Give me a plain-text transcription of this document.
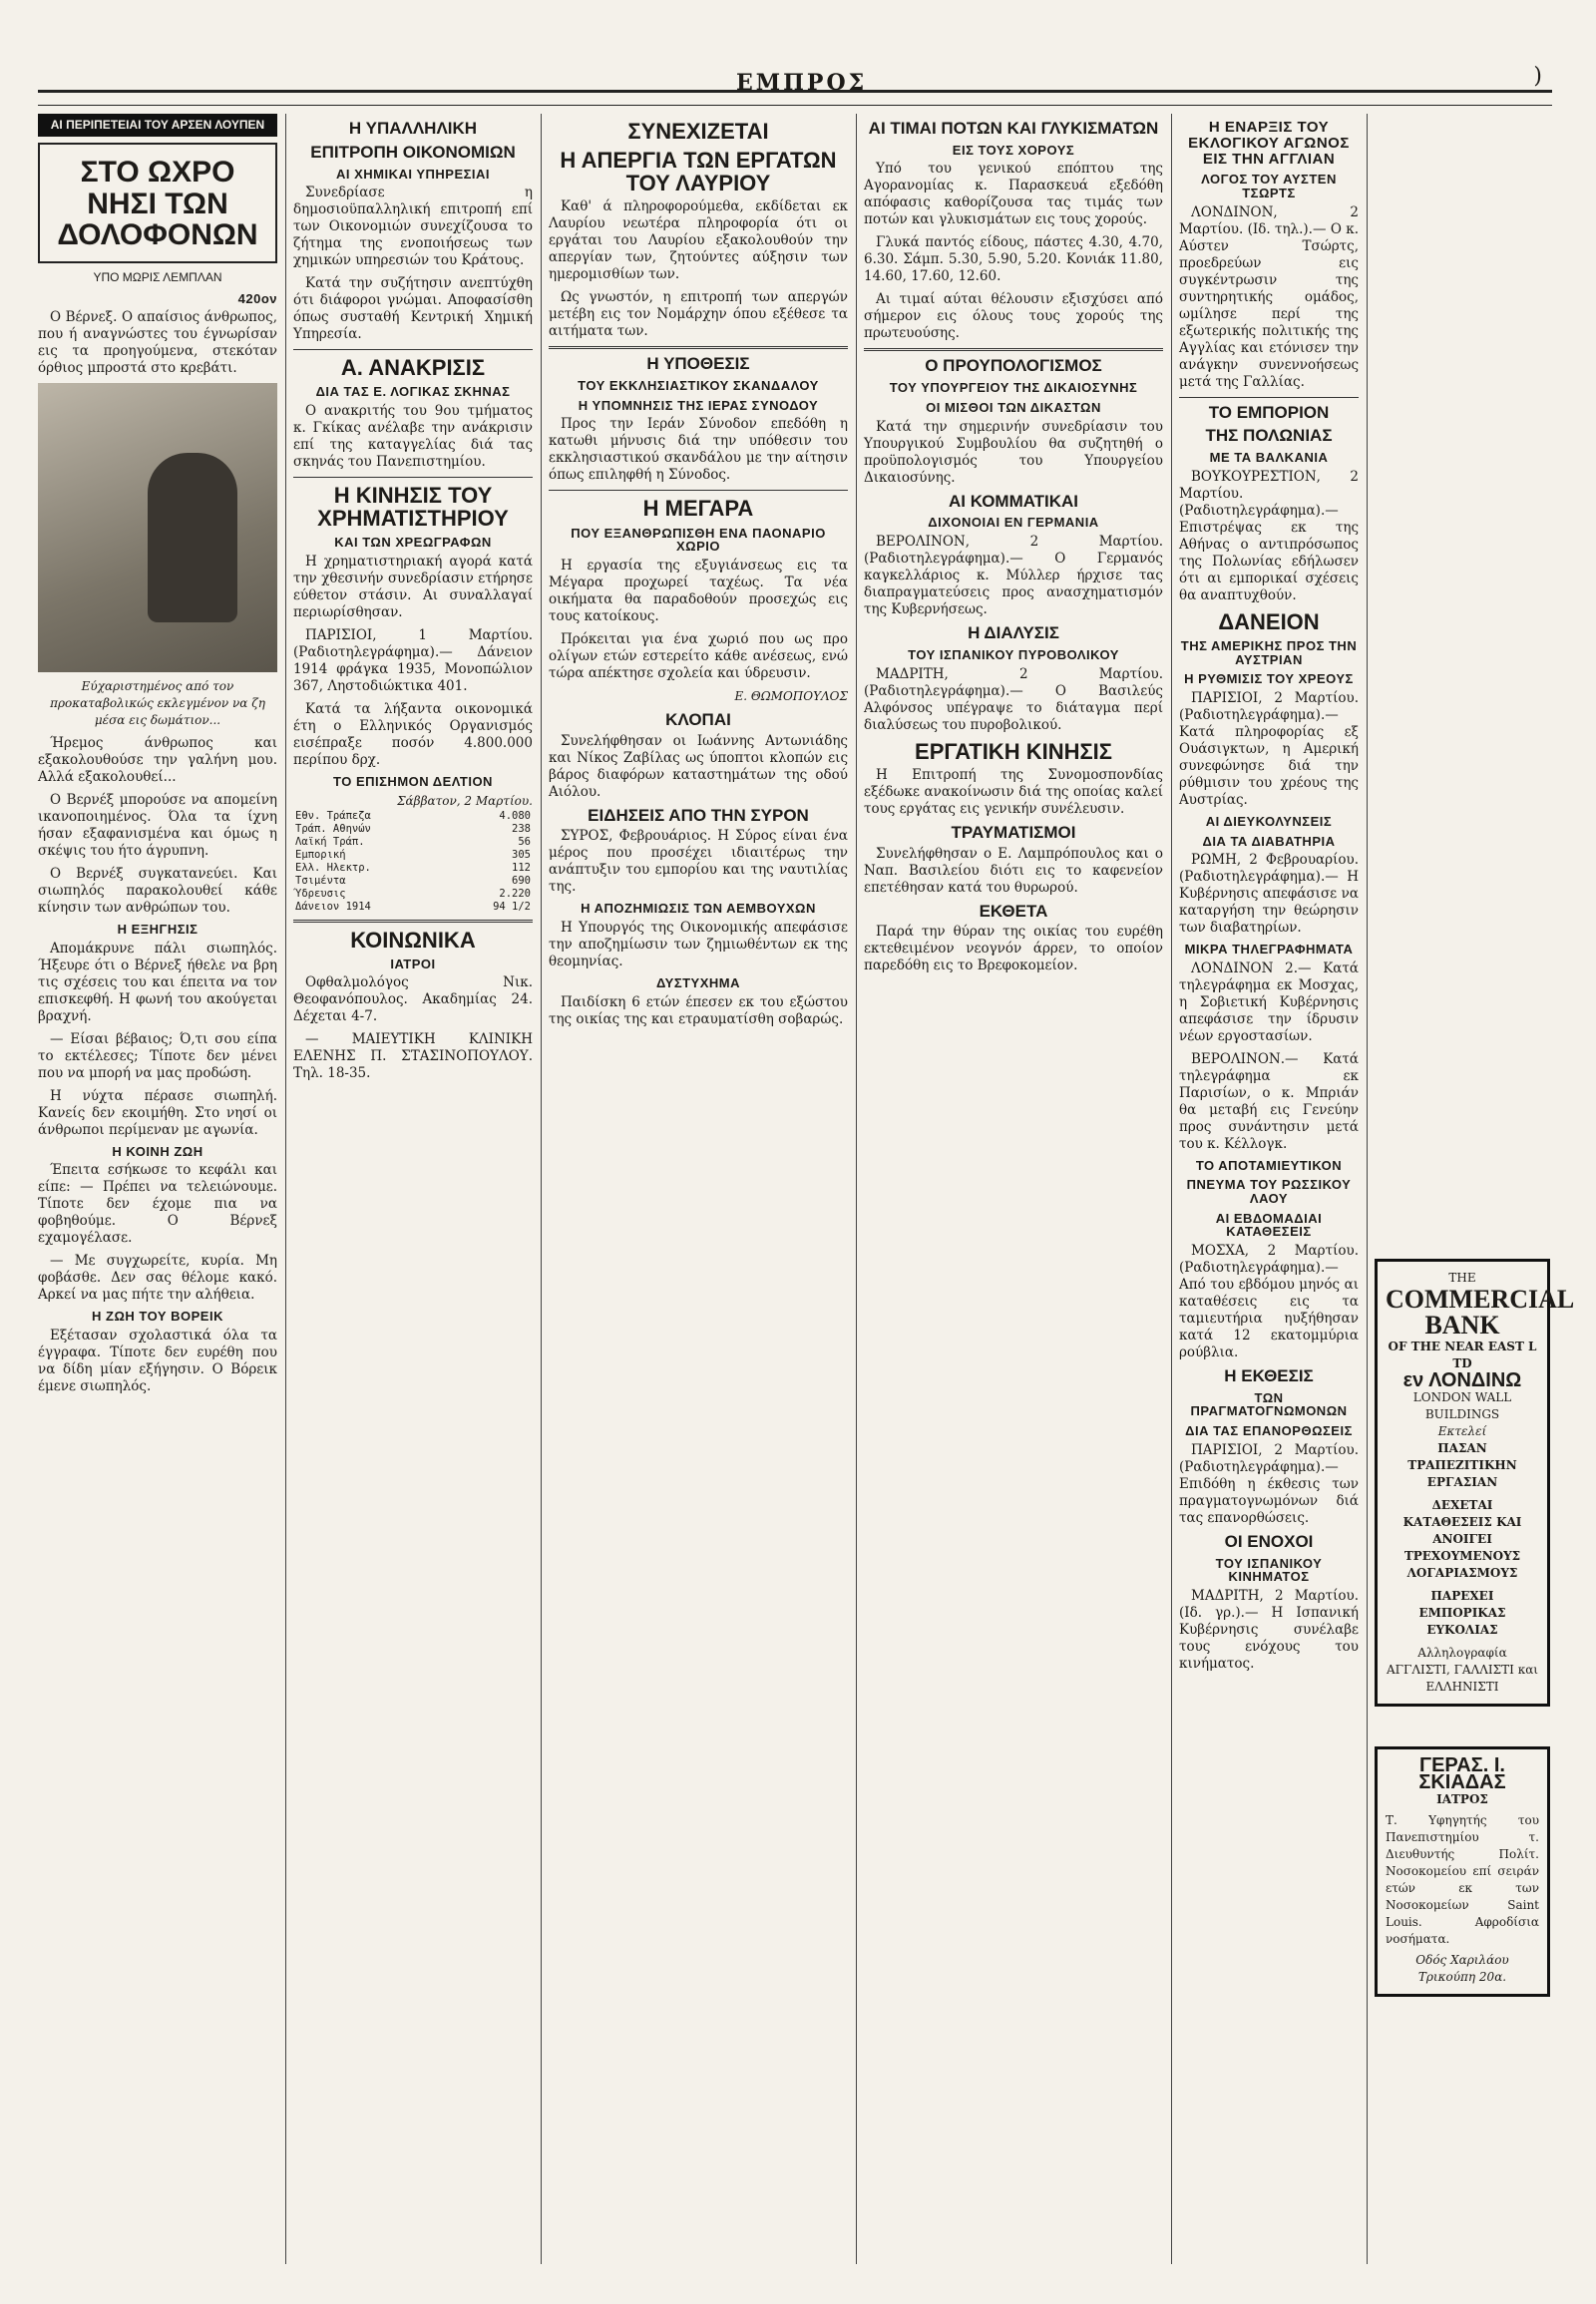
ΕΜΠΡΟΣ	)
ΑΙ ΠΕΡΙΠΕΤΕΙΑΙ ΤΟΥ ΑΡΣΕΝ ΛΟΥΠΕΝ
ΣΤΟ ΩΧΡΟ ΝΗΣΙ ΤΩΝ ΔΟΛΟΦΟΝΩΝ
ΥΠΟ ΜΩΡΙΣ ΛΕΜΠΛΑΝ
420ον

Ο Βέρνεξ. Ο απαίσιος άνθρωπος, που ή αναγνώστες του έγνωρίσαν εις τα προηγούμενα, στεκόταν όρθιος μπροστά στο κρεβάτι.

Εύχαριστημένος από τον προκαταβολικώς εκλεγμένον να ζη μέσα εις δωμάτιον...

Ήρεμος άνθρωπος και εξακολουθούσε την γαλήνη μου. Αλλά εξακολουθεί...

Ο Βερνέξ μπορούσε να απομείνη ικανοποιημένος. Όλα τα ίχνη ήσαν εξαφανισμένα και όμως η σκέψις του ήτο άγρυπνη.

Ο Βερνέξ συγκατανεύει. Και σιωπηλός παρακολουθεί κάθε κίνησιν των ανθρώπων του.

Η ΕΞΗΓΗΣΙΣ

Απομάκρυνε πάλι σιωπηλός. Ήξευρε ότι ο Βέρνεξ ήθελε να βρη τις σχέσεις του και έπειτα να τον επισκεφθή. Η φωνή του ακούγεται βραχνή.

— Είσαι βέβαιος; Ό,τι σου είπα το εκτέλεσες; Τίποτε δεν μένει που να μπορή να μας προδώση.

Η νύχτα πέρασε σιωπηλή. Κανείς δεν εκοιμήθη. Στο νησί οι άνθρωποι περίμεναν με αγωνία.

Η ΚΟΙΝΗ ΖΩΗ

Έπειτα εσήκωσε το κεφάλι και είπε: — Πρέπει να τελειώνουμε. Τίποτε δεν έχομε πια να φοβηθούμε. Ο Βέρνεξ εχαμογέλασε.

— Με συγχωρείτε, κυρία. Μη φοβάσθε. Δεν σας θέλομε κακό. Αρκεί να μας πήτε την αλήθεια.

Η ΖΩΗ ΤΟΥ ΒΟΡΕΙΚ

Εξέτασαν σχολαστικά όλα τα έγγραφα. Τίποτε δεν ευρέθη που να δίδη μίαν εξήγησιν. Ο Βόρεικ έμενε σιωπηλός.

Η ΥΠΑΛΛΗΛΙΚΗ
ΕΠΙΤΡΟΠΗ ΟΙΚΟΝΟΜΙΩΝ
ΑΙ ΧΗΜΙΚΑΙ ΥΠΗΡΕΣΙΑΙ

Συνεδρίασε η δημοσιοϋπαλληλική επιτροπή επί των Οικονομιών συνεχίζουσα το ζήτημα της ενοποιήσεως των χημικών υπηρεσιών του Κράτους.

Κατά την συζήτησιν ανεπτύχθη ότι διάφοροι γνώμαι. Αποφασίσθη όπως συσταθή Κεντρική Χημική Υπηρεσία.

Α. ΑΝΑΚΡΙΣΙΣ
ΔΙΑ ΤΑΣ Ε. ΛΟΓΙΚΑΣ ΣΚΗΝΑΣ

Ο ανακριτής του 9ου τμήματος κ. Γκίκας ανέλαβε την ανάκρισιν επί της καταγγελίας διά τας σκηνάς του Πανεπιστημίου.

Η ΚΙΝΗΣΙΣ ΤΟΥ ΧΡΗΜΑΤΙΣΤΗΡΙΟΥ
ΚΑΙ ΤΩΝ ΧΡΕΩΓΡΑΦΩΝ

Η χρηματιστηριακή αγορά κατά την χθεσινήν συνεδρίασιν ετήρησε εύθετον στάσιν. Αι συναλλαγαί περιωρίσθησαν.

ΠΑΡΙΣΙΟΙ, 1 Μαρτίου. (Ραδιοτηλεγράφημα).— Δάνειον 1914 φράγκα 1935, Μονοπώλιον 367, Ληστοδιώκτικα 401.

Κατά τα λήξαντα οικονομικά έτη ο Ελληνικός Οργανισμός εισέπραξε ποσόν 4.800.000 περίπου δρχ.

ΤΟ ΕΠΙΣΗΜΟΝ ΔΕΛΤΙΟΝ
Σάββατον, 2 Μαρτίου.
Εθν. Τράπεζα	4.080
Τράπ. Αθηνών	238
Λαϊκή Τράπ.	56
Εμπορική	305
Ελλ. Ηλεκτρ.	112
Τσιμέντα	690
Ύδρευσις	2.220
Δάνειον 1914	94 1/2
ΚΟΙΝΩΝΙΚΑ
ΙΑΤΡΟΙ

Οφθαλμολόγος Νικ. Θεοφανόπουλος. Ακαδημίας 24. Δέχεται 4-7.

— ΜΑΙΕΥΤΙΚΗ ΚΛΙΝΙΚΗ ΕΛΕΝΗΣ Π. ΣΤΑΣΙΝΟΠΟΥΛΟΥ. Τηλ. 18-35.

ΣΥΝΕΧΙΖΕΤΑΙ
Η ΑΠΕΡΓΙΑ ΤΩΝ ΕΡΓΑΤΩΝ ΤΟΥ ΛΑΥΡΙΟΥ

Καθ' ά πληροφορούμεθα, εκδίδεται εκ Λαυρίου νεωτέρα πληροφορία ότι οι εργάται του Λαυρίου εξακολουθούν την απεργίαν των, ζητούντες αύξησιν των ημερομισθίων των.

Ως γνωστόν, η επιτροπή των απεργών μετέβη εις τον Νομάρχην όπου εξέθεσε τα αιτήματα των.

Η ΥΠΟΘΕΣΙΣ
ΤΟΥ ΕΚΚΛΗΣΙΑΣΤΙΚΟΥ ΣΚΑΝΔΑΛΟΥ
Η ΥΠΟΜΝΗΣΙΣ ΤΗΣ ΙΕΡΑΣ ΣΥΝΟΔΟΥ

Προς την Ιεράν Σύνοδον επεδόθη η κατωθι μήνυσις διά την υπόθεσιν του εκκλησιαστικού σκανδάλου με την αίτησιν όπως επιληφθή η Σύνοδος.

Η ΜΕΓΑΡΑ
ΠΟΥ ΕΞΑΝΘΡΩΠΙΣΘΗ ΕΝΑ ΠΑΟΝΑΡΙΟ ΧΩΡΙΟ

Η εργασία της εξυγιάνσεως εις τα Μέγαρα προχωρεί ταχέως. Τα νέα οικήματα θα παραδοθούν προσεχώς εις τους κατοίκους.

Πρόκειται για ένα χωριό που ως προ ολίγων ετών εστερείτο κάθε ανέσεως, ενώ τώρα απέκτησε σχολεία και ύδρευσιν.

Ε. ΘΩΜΟΠΟΥΛΟΣ
ΚΛΟΠΑΙ

Συνελήφθησαν οι Ιωάννης Αντωνιάδης και Νίκος Ζαβίλας ως ύποπτοι κλοπών εις βάρος διαφόρων καταστημάτων της οδού Αιόλου.

ΕΙΔΗΣΕΙΣ ΑΠΟ ΤΗΝ ΣΥΡΟΝ

ΣΥΡΟΣ, Φεβρουάριος. Η Σύρος είναι ένα μέρος που προσέχει ιδιαιτέρως την ανάπτυξιν του εμπορίου και της ναυτιλίας της.

Η ΑΠΟΖΗΜΙΩΣΙΣ ΤΩΝ ΑΕΜΒΟΥΧΩΝ

Η Υπουργός της Οικονομικής απεφάσισε την αποζημίωσιν των ζημιωθέντων εκ της θεομηνίας.

ΔΥΣΤΥΧΗΜΑ

Παιδίσκη 6 ετών έπεσεν εκ του εξώστου της οικίας της και ετραυματίσθη σοβαρώς.

ΑΙ ΤΙΜΑΙ ΠΟΤΩΝ ΚΑΙ ΓΛΥΚΙΣΜΑΤΩΝ
ΕΙΣ ΤΟΥΣ ΧΟΡΟΥΣ

Υπό του γενικού επόπτου της Αγορανομίας κ. Παρασκευά εξεδόθη απόφασις καθορίζουσα τας τιμάς των ποτών και γλυκισμάτων εις τους χορούς.

Γλυκά παντός είδους, πάστες 4.30, 4.70, 6.30. Σάμπ. 5.30, 5.90, 5.20. Κονιάκ 11.80, 14.60, 17.60, 12.60.

Αι τιμαί αύται θέλουσιν εξισχύσει από σήμερον εις όλους τους χορούς της πρωτευούσης.

Ο ΠΡΟΥΠΟΛΟΓΙΣΜΟΣ
ΤΟΥ ΥΠΟΥΡΓΕΙΟΥ ΤΗΣ ΔΙΚΑΙΟΣΥΝΗΣ
ΟΙ ΜΙΣΘΟΙ ΤΩΝ ΔΙΚΑΣΤΩΝ

Κατά την σημερινήν συνεδρίασιν του Υπουργικού Συμβουλίου θα συζητηθή ο προϋπολογισμός του Υπουργείου Δικαιοσύνης.

ΑΙ ΚΟΜΜΑΤΙΚΑΙ
ΔΙΧΟΝΟΙΑΙ ΕΝ ΓΕΡΜΑΝΙΑ

ΒΕΡΟΛΙΝΟΝ, 2 Μαρτίου. (Ραδιοτηλεγράφημα).— Ο Γερμανός καγκελλάριος κ. Μύλλερ ήρχισε τας διαπραγματεύσεις προς ανασχηματισμόν της Κυβερνήσεως.

Η ΔΙΑΛΥΣΙΣ
ΤΟΥ ΙΣΠΑΝΙΚΟΥ ΠΥΡΟΒΟΛΙΚΟΥ

ΜΑΔΡΙΤΗ, 2 Μαρτίου. (Ραδιοτηλεγράφημα).— Ο Βασιλεύς Αλφόνσος υπέγραψε το διάταγμα περί διαλύσεως του πυροβολικού.

ΕΡΓΑΤΙΚΗ ΚΙΝΗΣΙΣ

Η Επιτροπή της Συνομοσπονδίας εξέδωκε ανακοίνωσιν διά της οποίας καλεί τους εργάτας εις γενικήν συνέλευσιν.

ΤΡΑΥΜΑΤΙΣΜΟΙ

Συνελήφθησαν ο Ε. Λαμπρόπουλος και ο Ναπ. Βασιλείου διότι εις το καφενείον επετέθησαν κατά του θυρωρού.

ΕΚΘΕΤΑ

Παρά την θύραν της οικίας του ευρέθη εκτεθειμένον νεογνόν άρρεν, το οποίον παρεδόθη εις το Βρεφοκομείον.

Η ΕΝΑΡΞΙΣ ΤΟΥ ΕΚΛΟΓΙΚΟΥ ΑΓΩΝΟΣ ΕΙΣ ΤΗΝ ΑΓΓΛΙΑΝ
ΛΟΓΟΣ ΤΟΥ ΑΥΣΤΕΝ ΤΣΩΡΤΣ

ΛΟΝΔΙΝΟΝ, 2 Μαρτίου. (Ιδ. τηλ.).— Ο κ. Αύστεν Τσώρτς, προεδρεύων εις συγκέντρωσιν της συντηρητικής ομάδος, ωμίλησε περί της εξωτερικής πολιτικής της Αγγλίας και ετόνισεν την ανάγκην συνεννοήσεως μετά της Γαλλίας.

ΤΟ ΕΜΠΟΡΙΟΝ
ΤΗΣ ΠΟΛΩΝΙΑΣ
ΜΕ ΤΑ ΒΑΛΚΑΝΙΑ

ΒΟΥΚΟΥΡΕΣΤΙΟΝ, 2 Μαρτίου. (Ραδιοτηλεγράφημα).— Επιστρέψας εκ της Αθήνας ο αντιπρόσωπος της Πολωνίας εδήλωσεν ότι αι εμπορικαί σχέσεις θα αναπτυχθούν.

ΔΑΝΕΙΟΝ
ΤΗΣ ΑΜΕΡΙΚΗΣ ΠΡΟΣ ΤΗΝ ΑΥΣΤΡΙΑΝ
Η ΡΥΘΜΙΣΙΣ ΤΟΥ ΧΡΕΟΥΣ

ΠΑΡΙΣΙΟΙ, 2 Μαρτίου. (Ραδιοτηλεγράφημα).— Κατά πληροφορίας εξ Ουάσιγκτων, η Αμερική συνεφώνησε διά την ρύθμισιν του χρέους της Αυστρίας.

ΑΙ ΔΙΕΥΚΟΛΥΝΣΕΙΣ
ΔΙΑ ΤΑ ΔΙΑΒΑΤΗΡΙΑ

ΡΩΜΗ, 2 Φεβρουαρίου. (Ραδιοτηλεγράφημα).— Η Κυβέρνησις απεφάσισε να καταργήση την θεώρησιν των διαβατηρίων.

ΜΙΚΡΑ ΤΗΛΕΓΡΑΦΗΜΑΤΑ

ΛΟΝΔΙΝΟΝ 2.— Κατά τηλεγράφημα εκ Μοσχας, η Σοβιετική Κυβέρνησις απεφάσισε την ίδρυσιν νέων εργοστασίων.

ΒΕΡΟΛΙΝΟΝ.— Κατά τηλεγράφημα εκ Παρισίων, ο κ. Μπριάν θα μεταβή εις Γενεύην προς συνάντησιν μετά του κ. Κέλλογκ.

ΤΟ ΑΠΟΤΑΜΙΕΥΤΙΚΟΝ
ΠΝΕΥΜΑ ΤΟΥ ΡΩΣΣΙΚΟΥ ΛΑΟΥ
ΑΙ ΕΒΔΟΜΑΔΙΑΙ ΚΑΤΑΘΕΣΕΙΣ

ΜΟΣΧΑ, 2 Μαρτίου. (Ραδιοτηλεγράφημα).— Από του εβδόμου μηνός αι καταθέσεις εις τα ταμιευτήρια ηυξήθησαν κατά 12 εκατομμύρια ρούβλια.

Η ΕΚΘΕΣΙΣ
ΤΩΝ ΠΡΑΓΜΑΤΟΓΝΩΜΟΝΩΝ
ΔΙΑ ΤΑΣ ΕΠΑΝΟΡΘΩΣΕΙΣ

ΠΑΡΙΣΙΟΙ, 2 Μαρτίου. (Ραδιοτηλεγράφημα).— Επιδόθη η έκθεσις των πραγματογνωμόνων διά τας επανορθώσεις.

ΟΙ ΕΝΟΧΟΙ
ΤΟΥ ΙΣΠΑΝΙΚΟΥ ΚΙΝΗΜΑΤΟΣ

ΜΑΔΡΙΤΗ, 2 Μαρτίου. (Ιδ. γρ.).— Η Ισπανική Κυβέρνησις συνέλαβε τους ενόχους του κινήματος.

THE
COMMERCIAL BANK
OF THE NEAR EAST L TD
εν ΛΟΝΔΙΝΩ
LONDON WALL BUILDINGS
Εκτελεί
ΠΑΣΑΝ ΤΡΑΠΕΖΙΤΙΚΗΝ ΕΡΓΑΣΙΑΝ
ΔΕΧΕΤΑΙ ΚΑΤΑΘΕΣΕΙΣ ΚΑΙ ΑΝΟΙΓΕΙ ΤΡΕΧΟΥΜΕΝΟΥΣ ΛΟΓΑΡΙΑΣΜΟΥΣ
ΠΑΡΕΧΕΙ ΕΜΠΟΡΙΚΑΣ ΕΥΚΟΛΙΑΣ
Αλληλογραφία ΑΓΓΛΙΣΤΙ, ΓΑΛΛΙΣΤΙ και ΕΛΛΗΝΙΣΤΙ
ΓΕΡΑΣ. Ι. ΣΚΙΑΔΑΣ
ΙΑΤΡΟΣ
Τ. Υφηγητής του Πανεπιστημίου τ. Διευθυντής Πολίτ. Νοσοκομείου επί σειράν ετών εκ των Νοσοκομείων Saint Louis. Αφροδίσια νοσήματα.
Οδός Χαριλάου Τρικούπη 20α.
